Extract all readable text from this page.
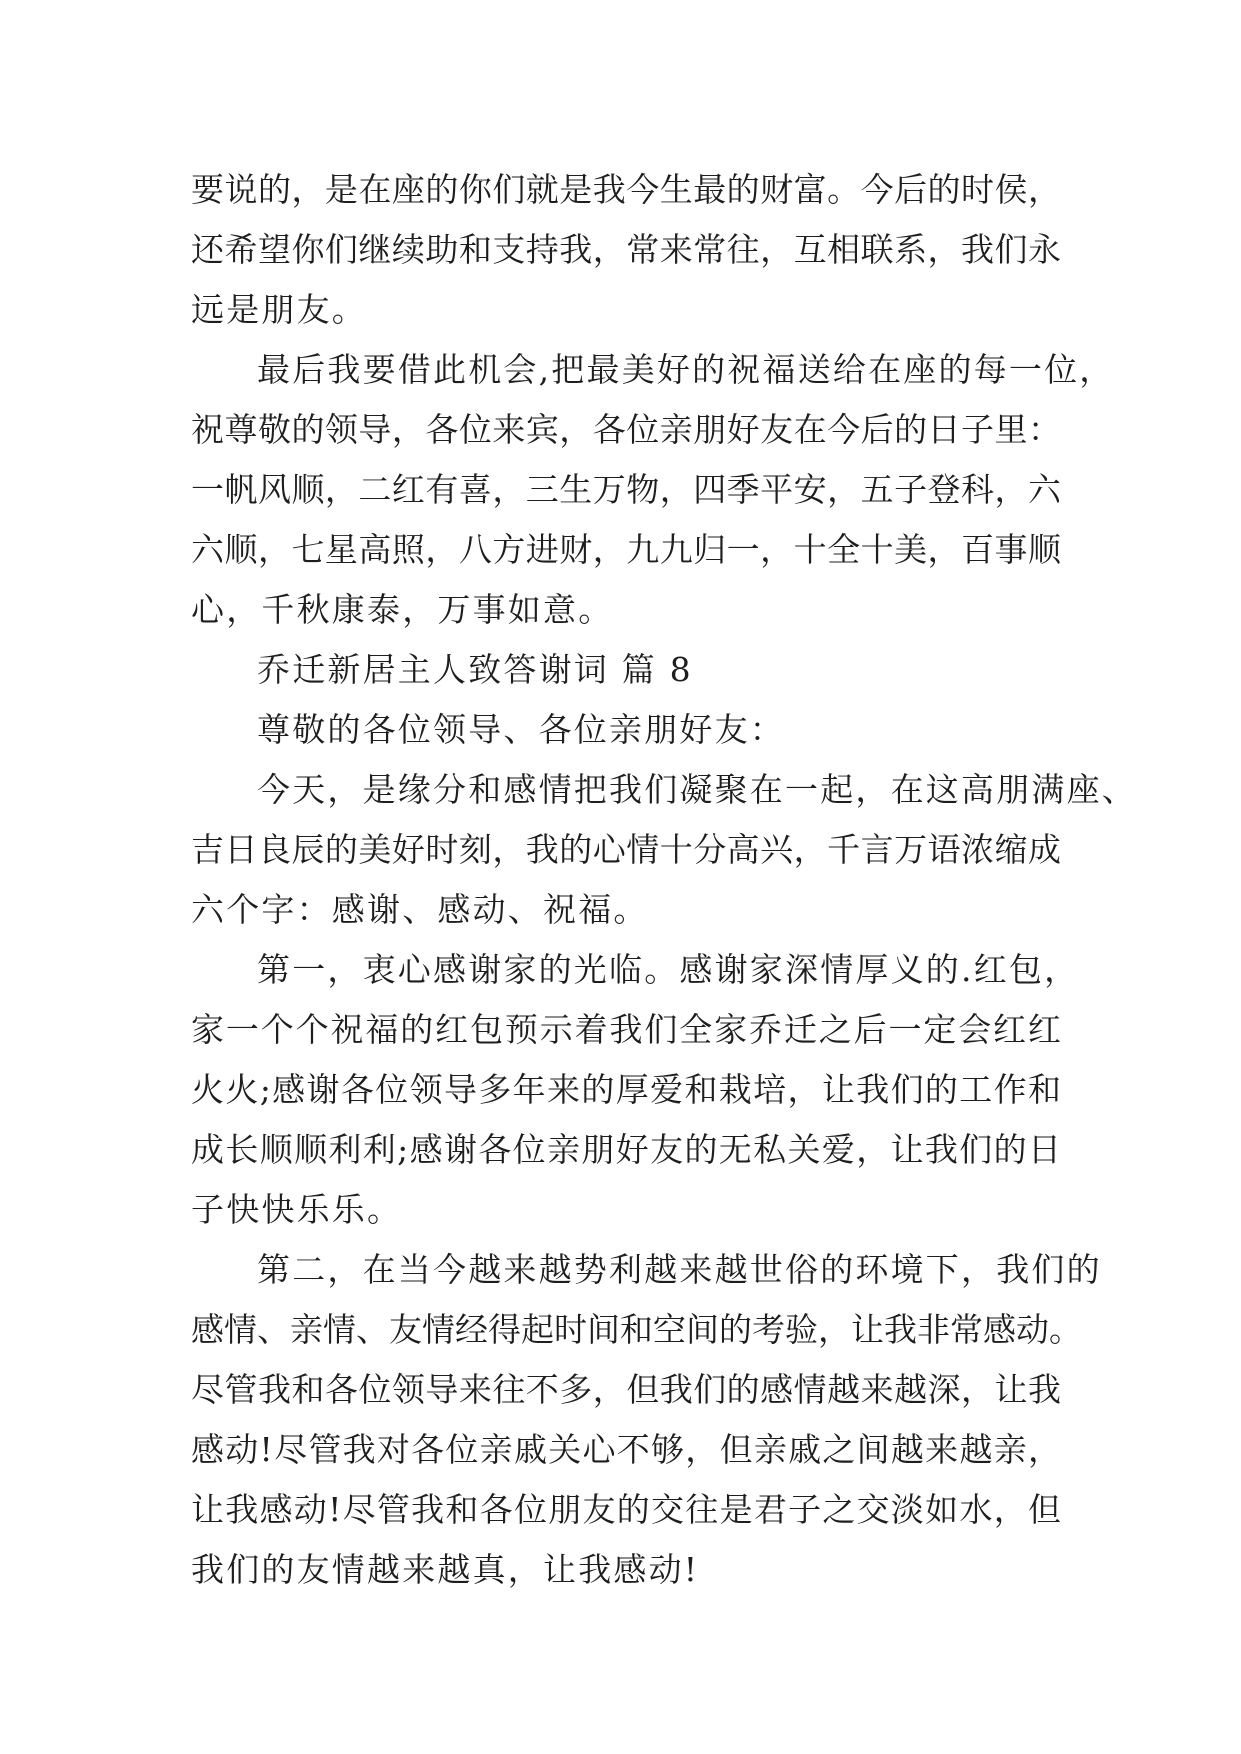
要说的，是在座的你们就是我今生最的财富。今后的时侯，
还希望你们继续助和支持我，常来常往，互相联系，我们永
远是朋友。
最后我要借此机会,把最美好的祝福送给在座的每一位，
祝尊敬的领导，各位来宾，各位亲朋好友在今后的日子里：
一帆风顺，二红有喜，三生万物，四季平安，五子登科，六
六顺，七星高照，八方进财，九九归一，十全十美，百事顺
心，千秋康泰，万事如意。
乔迁新居主人致答谢词 篇 8
尊敬的各位领导、各位亲朋好友：
今天，是缘分和感情把我们凝聚在一起，在这高朋满座、
吉日良辰的美好时刻，我的心情十分高兴，千言万语浓缩成
六个字：感谢、感动、祝福。
第一，衷心感谢家的光临。感谢家深情厚义的.红包，
家一个个祝福的红包预示着我们全家乔迁之后一定会红红
火火;感谢各位领导多年来的厚爱和栽培，让我们的工作和
成长顺顺利利;感谢各位亲朋好友的无私关爱，让我们的日
子快快乐乐。
第二，在当今越来越势利越来越世俗的环境下，我们的
感情、亲情、友情经得起时间和空间的考验，让我非常感动。
尽管我和各位领导来往不多，但我们的感情越来越深，让我
感动!尽管我对各位亲戚关心不够，但亲戚之间越来越亲，
让我感动!尽管我和各位朋友的交往是君子之交淡如水，但
我们的友情越来越真，让我感动!
